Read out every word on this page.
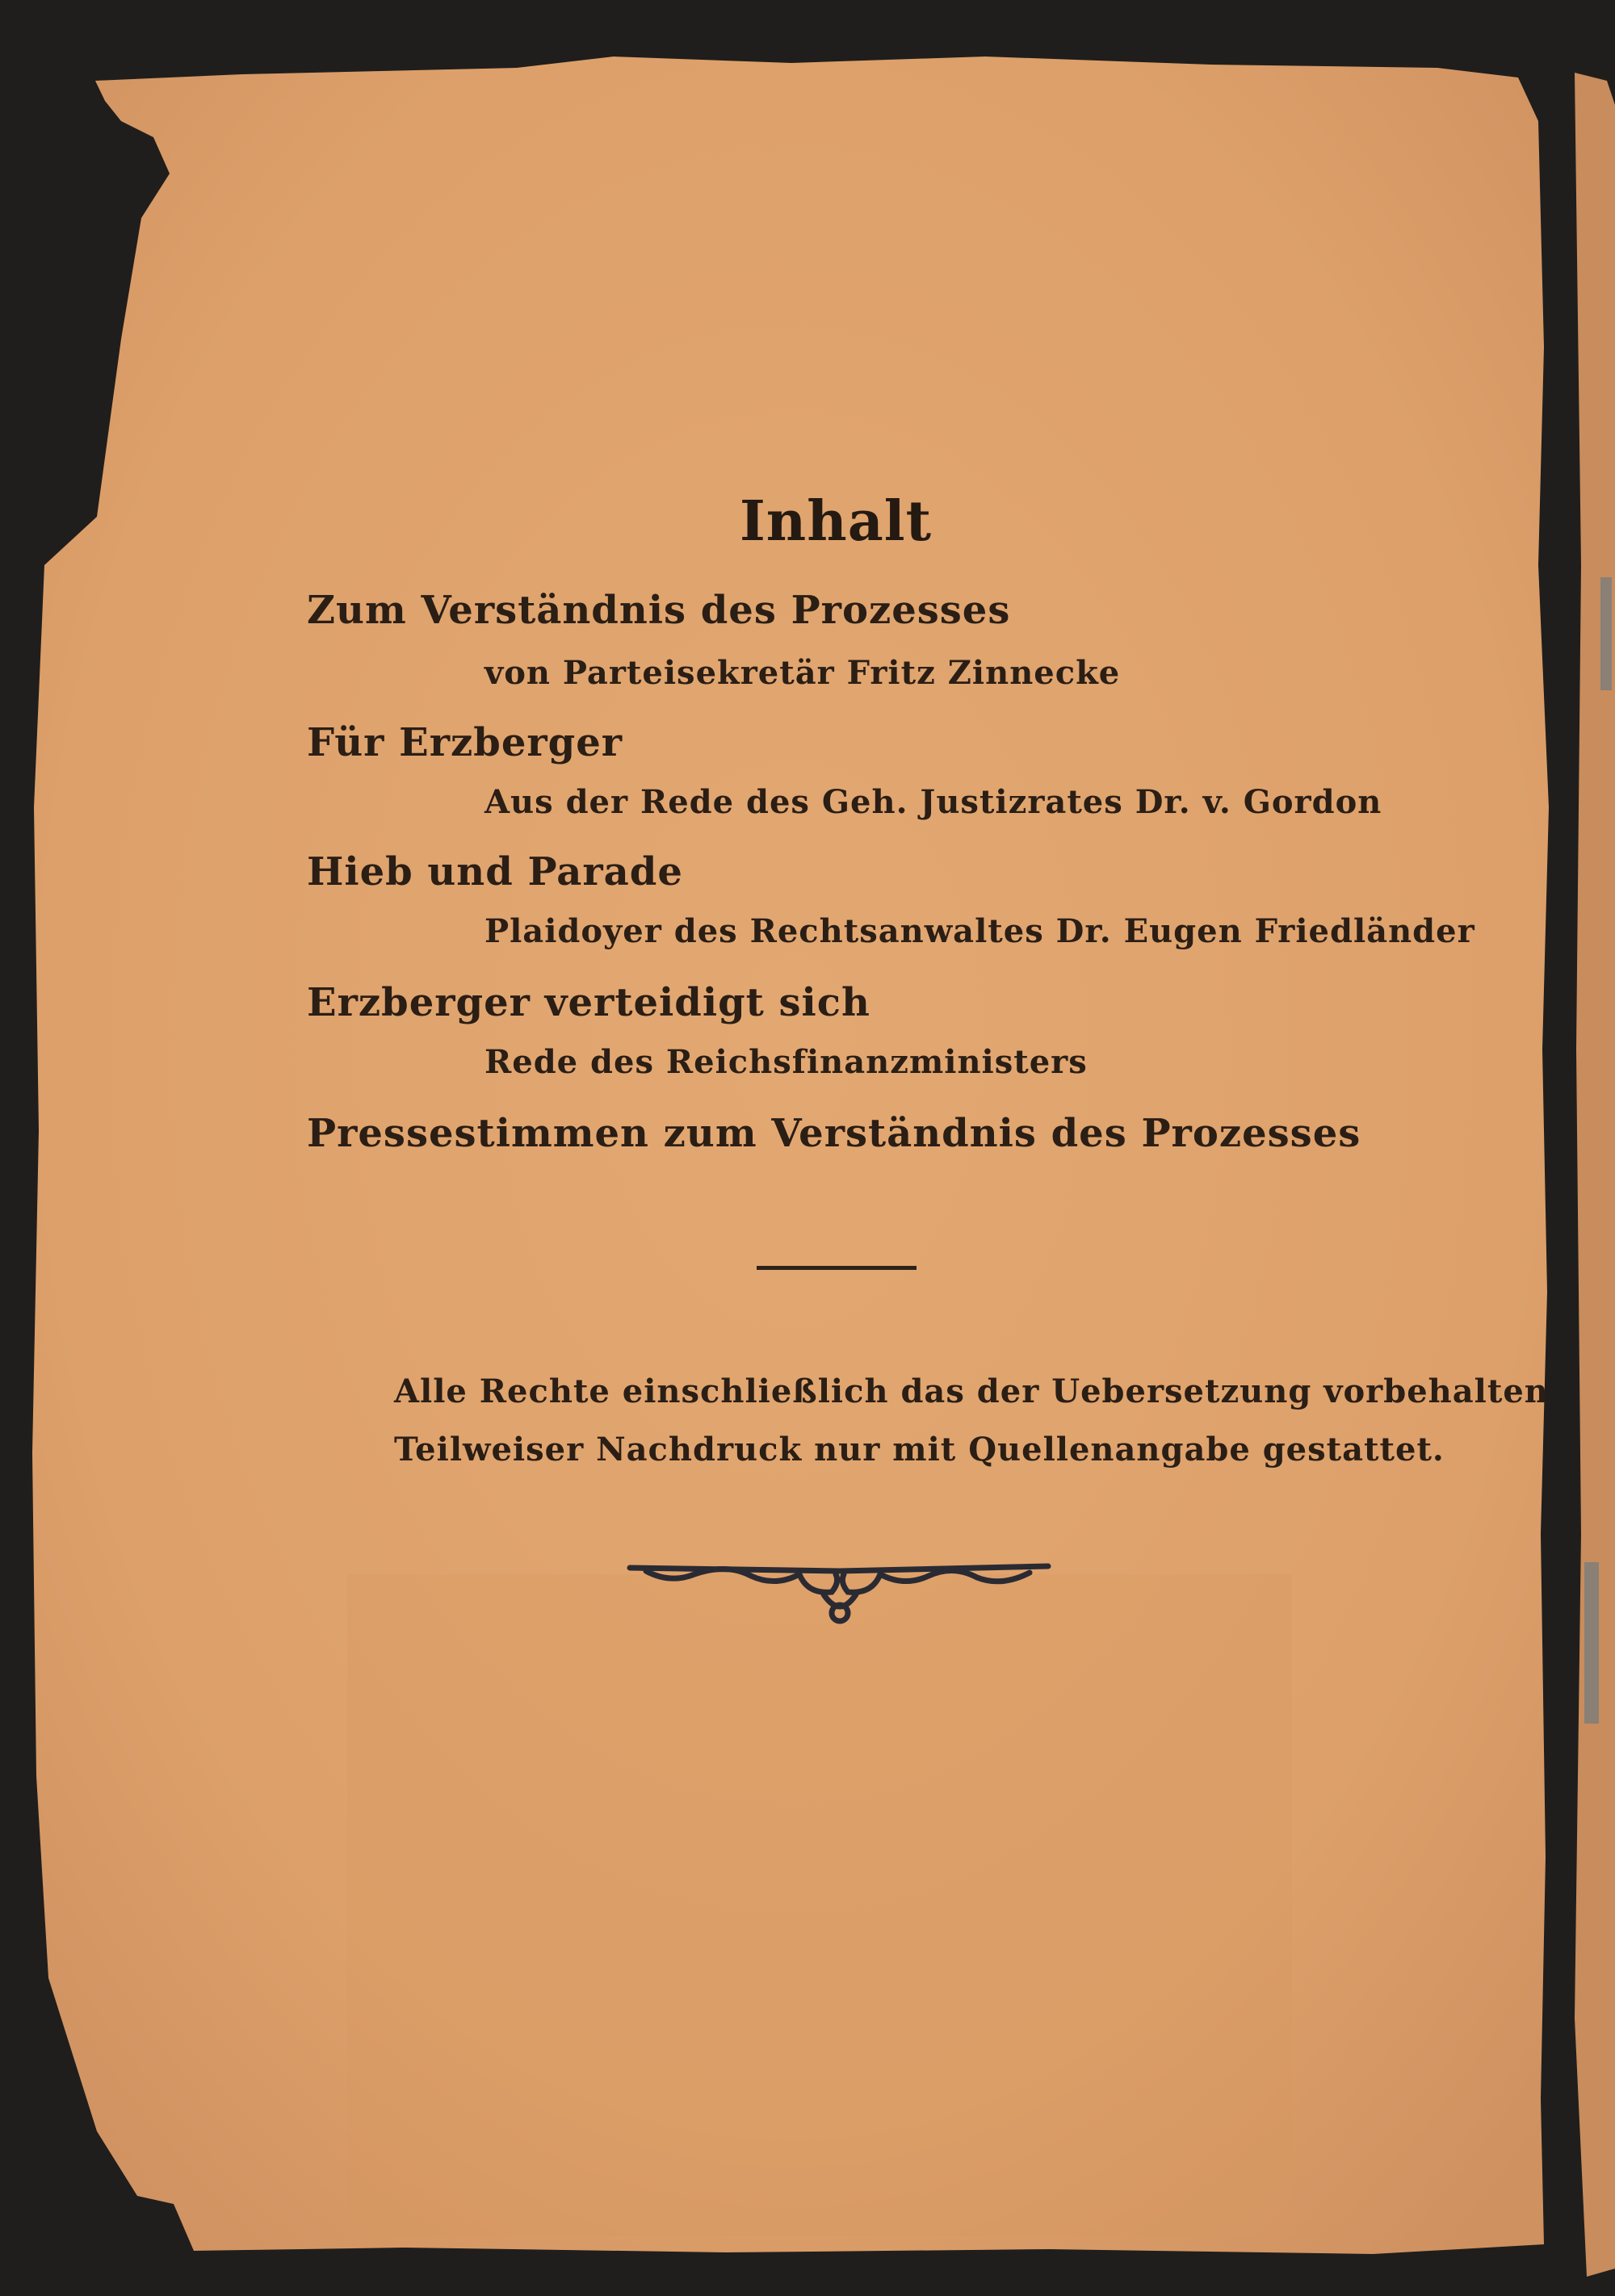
Inhalt
Zum Verständnis des Prozesses
von Parteisekretär Fritz Zinnecke
Für Erzberger
Aus der Rede des Geh. Justizrates Dr. v. Gordon
Hieb und Parade
Plaidoyer des Rechtsanwaltes Dr. Eugen Friedländer
Erzberger verteidigt sich
Rede des Reichsfinanzministers
Pressestimmen zum Verständnis des Prozesses
Alle Rechte einschließlich das der Uebersetzung vorbehalten
Teilweiser Nachdruck nur mit Quellenangabe gestattet.
